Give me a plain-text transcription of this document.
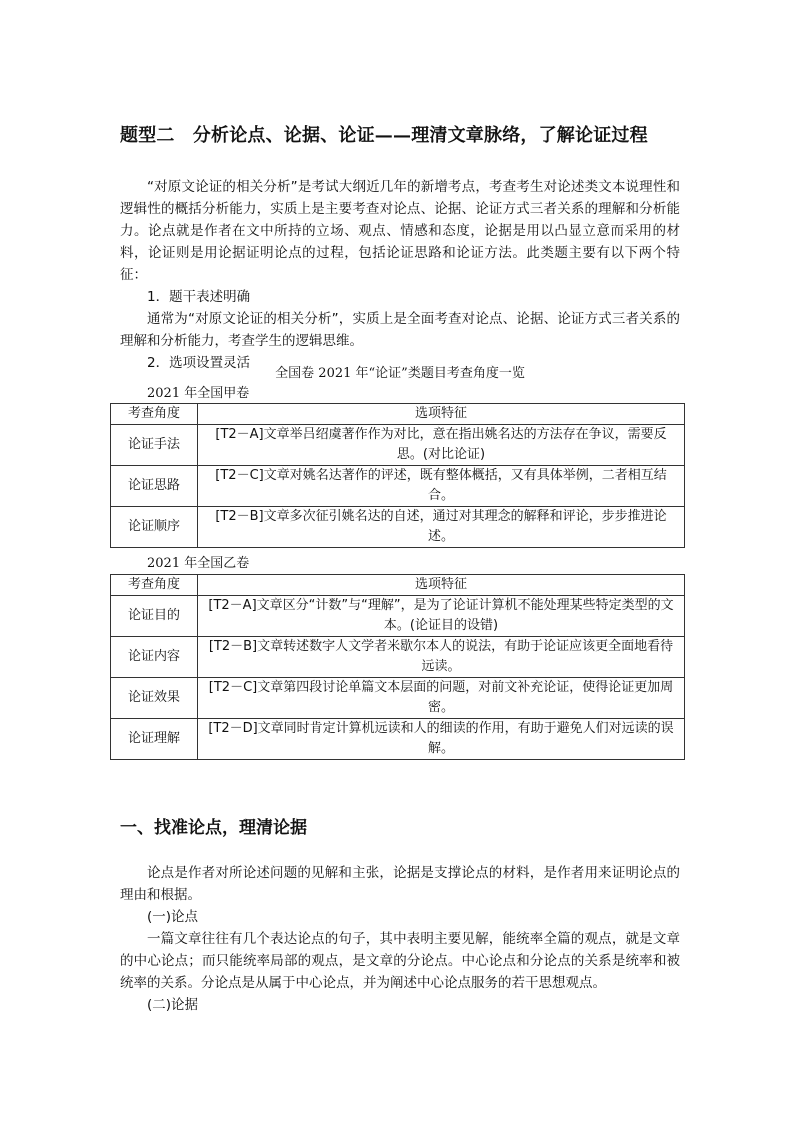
题型二　分析论点、论据、论证——理清文章脉络，了解论证过程

“对原文论证的相关分析”是考试大纲近几年的新增考点，考查考生对论述类文本说理性和逻辑性的概括分析能力，实质上是主要考查对论点、论据、论证方式三者关系的理解和分析能力。论点就是作者在文中所持的立场、观点、情感和态度，论据是用以凸显立意而采用的材料，论证则是用论据证明论点的过程，包括论证思路和论证方法。此类题主要有以下两个特征：

1．题干表述明确

通常为“对原文论证的相关分析”，实质上是全面考查对论点、论据、论证方式三者关系的理解和分析能力，考查学生的逻辑思维。

2．选项设置灵活

全国卷 2021 年“论证”类题目考查角度一览
2021 年全国甲卷
考查角度	选项特征
论证手法	[T2－A]文章举吕绍虞著作作为对比，意在指出姚名达的方法存在争议，需要反思。(对比论证)
论证思路	[T2－C]文章对姚名达著作的评述，既有整体概括，又有具体举例，二者相互结合。
论证顺序	[T2－B]文章多次征引姚名达的自述，通过对其理念的解释和评论，步步推进论述。
2021 年全国乙卷
考查角度	选项特征
论证目的	[T2－A]文章区分“计数”与“理解”，是为了论证计算机不能处理某些特定类型的文本。(论证目的设错)
论证内容	[T2－B]文章转述数字人文学者米歇尔本人的说法，有助于论证应该更全面地看待远读。
论证效果	[T2－C]文章第四段讨论单篇文本层面的问题，对前文补充论证，使得论证更加周密。
论证理解	[T2－D]文章同时肯定计算机远读和人的细读的作用，有助于避免人们对远读的误解。
一、找准论点，理清论据

论点是作者对所论述问题的见解和主张，论据是支撑论点的材料，是作者用来证明论点的理由和根据。

(一)论点

一篇文章往往有几个表达论点的句子，其中表明主要见解，能统率全篇的观点，就是文章的中心论点；而只能统率局部的观点，是文章的分论点。中心论点和分论点的关系是统率和被统率的关系。分论点是从属于中心论点，并为阐述中心论点服务的若干思想观点。

(二)论据
